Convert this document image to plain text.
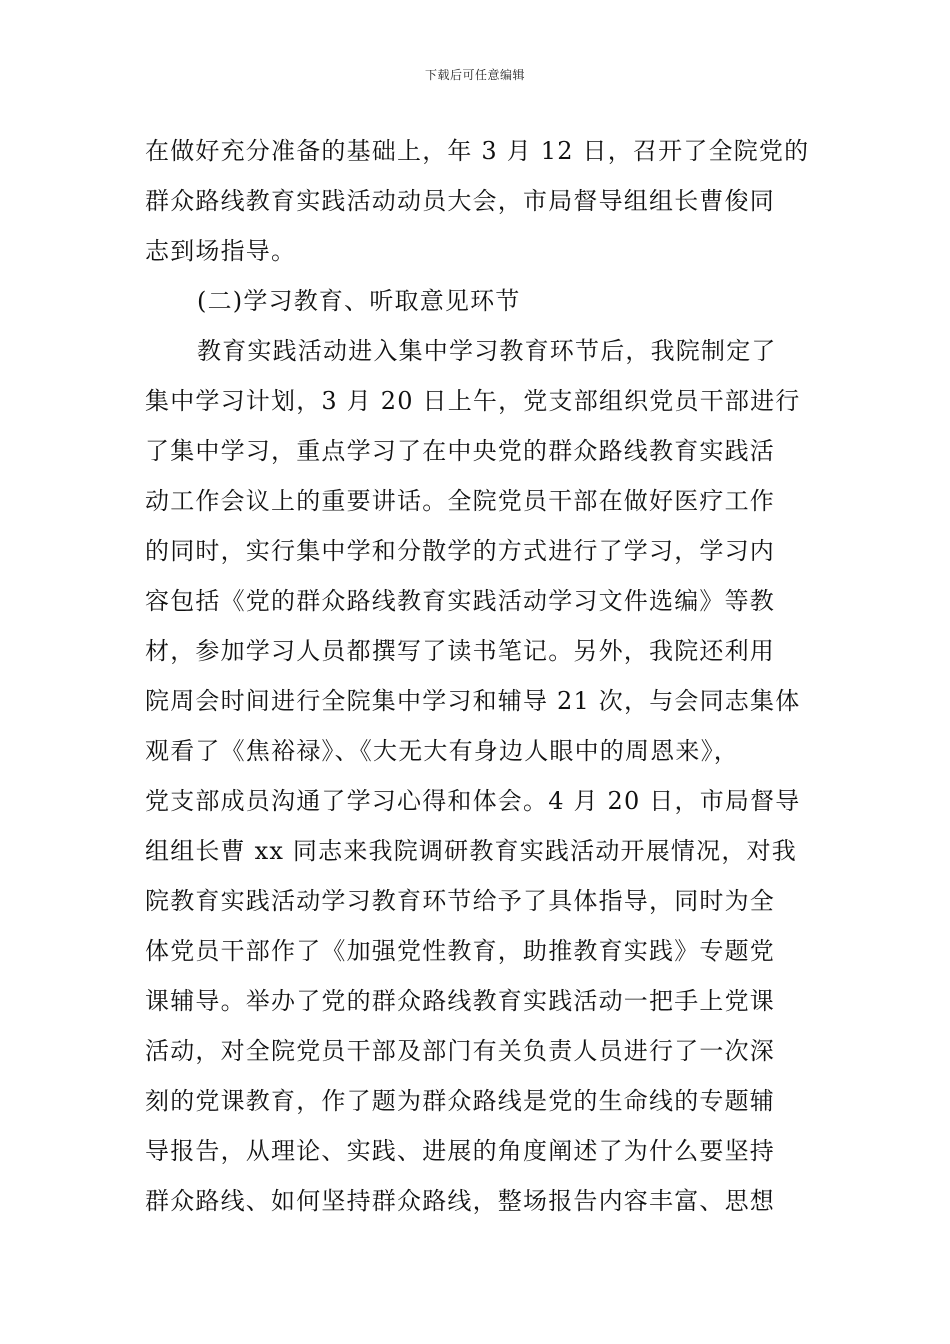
下载后可任意编辑
在做好充分准备的基础上，年 3 月 12 日，召开了全院党的
群众路线教育实践活动动员大会，市局督导组组长曹俊同
志到场指导。
(二)学习教育、听取意见环节
教育实践活动进入集中学习教育环节后，我院制定了
集中学习计划，3 月 20 日上午，党支部组织党员干部进行
了集中学习，重点学习了在中央党的群众路线教育实践活
动工作会议上的重要讲话。全院党员干部在做好医疗工作
的同时，实行集中学和分散学的方式进行了学习，学习内
容包括《党的群众路线教育实践活动学习文件选编》等教
材，参加学习人员都撰写了读书笔记。另外，我院还利用
院周会时间进行全院集中学习和辅导 21 次，与会同志集体
观看了《焦裕禄》、《大无大有身边人眼中的周恩来》，
党支部成员沟通了学习心得和体会。4 月 20 日，市局督导
组组长曹 xx 同志来我院调研教育实践活动开展情况，对我
院教育实践活动学习教育环节给予了具体指导，同时为全
体党员干部作了《加强党性教育，助推教育实践》专题党
课辅导。举办了党的群众路线教育实践活动一把手上党课
活动，对全院党员干部及部门有关负责人员进行了一次深
刻的党课教育，作了题为群众路线是党的生命线的专题辅
导报告，从理论、实践、进展的角度阐述了为什么要坚持
群众路线、如何坚持群众路线，整场报告内容丰富、思想
